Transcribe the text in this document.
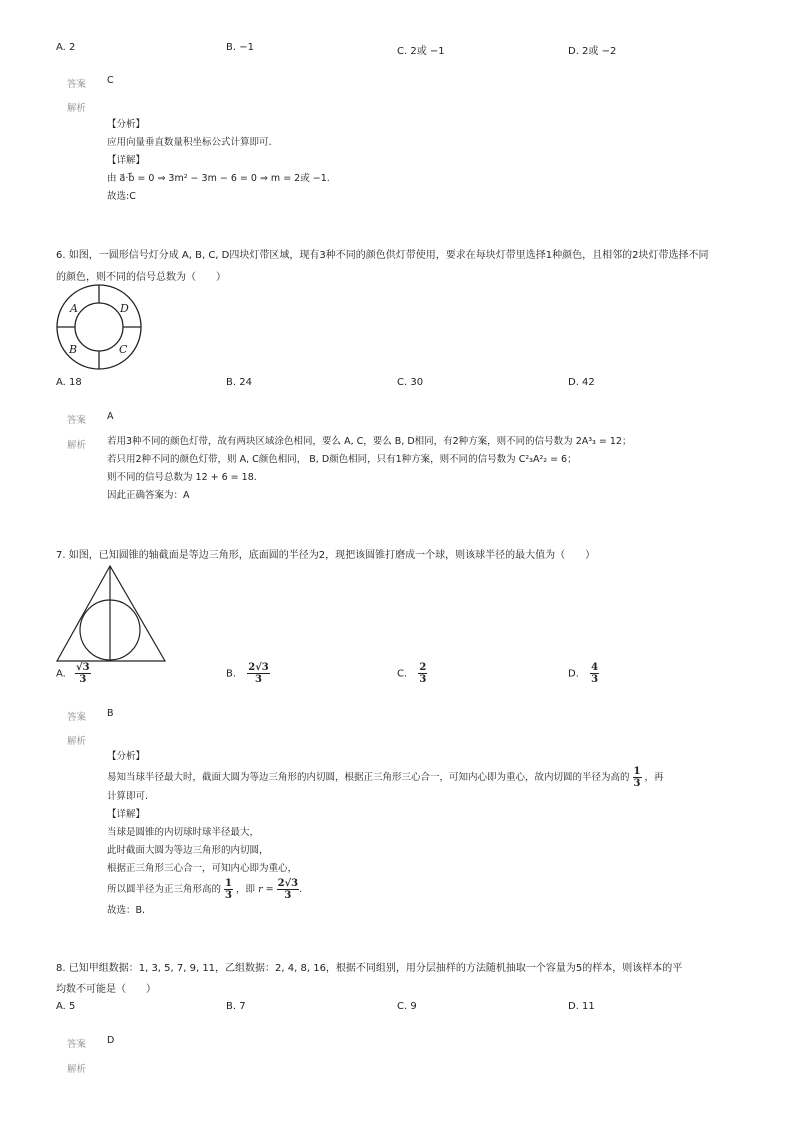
A. 2	B. −1	C. 2或 −1	D. 2或 −2
答案 C
解析
【分析】
应用向量垂直数量积坐标公式计算即可.
【详解】
由 a⃗·b⃗ = 0 ⇒ 3m² − 3m − 6 = 0 ⇒ m = 2或 −1.
故选:C
6. 如图，一圆形信号灯分成 A, B, C, D四块灯带区域，现有3种不同的颜色供灯带使用，要求在每块灯带里选择1种颜色，且相邻的2块灯带选择不同
的颜色，则不同的信号总数为（　　）
A	D
B	C
A. 18	B. 24	C. 30	D. 42
答案 A
解析 若用3种不同的颜色灯带，故有两块区域涂色相同，要么 A, C，要么 B, D相同，有2种方案，则不同的信号数为 2A³₃ = 12；
若只用2种不同的颜色灯带，则 A, C颜色相同， B, D颜色相同，只有1种方案，则不同的信号数为 C²₃A²₂ = 6；
则不同的信号总数为 12 + 6 = 18.
因此正确答案为：A
7. 如图，已知圆锥的轴截面是等边三角形，底面圆的半径为2，现把该圆锥打磨成一个球，则该球半径的最大值为（　　）
A. $\frac{√3}{3}$	B. $\frac{2√3}{3}$	C. $\frac{2}{3}$	D. $\frac{4}{3}$
答案 B
解析
【分析】
易知当球半径最大时，截面大圆为等边三角形的内切圆，根据正三角形三心合一，可知内心即为重心，故内切圆的半径为高的 $\frac{1}{3}$ ，再
计算即可.
【详解】
当球是圆锥的内切球时球半径最大，
此时截面大圆为等边三角形的内切圆，
根据正三角形三心合一，可知内心即为重心，
所以圆半径为正三角形高的 $\frac{1}{3}$ ，即 $r = \frac{2√3}{3}$ .
故选：B.
8. 已知甲组数据：1, 3, 5, 7, 9, 11，乙组数据：2, 4, 8, 16，根据不同组别，用分层抽样的方法随机抽取一个容量为5的样本，则该样本的平
均数不可能是（　　）
A. 5	B. 7	C. 9	D. 11
答案 D
解析
